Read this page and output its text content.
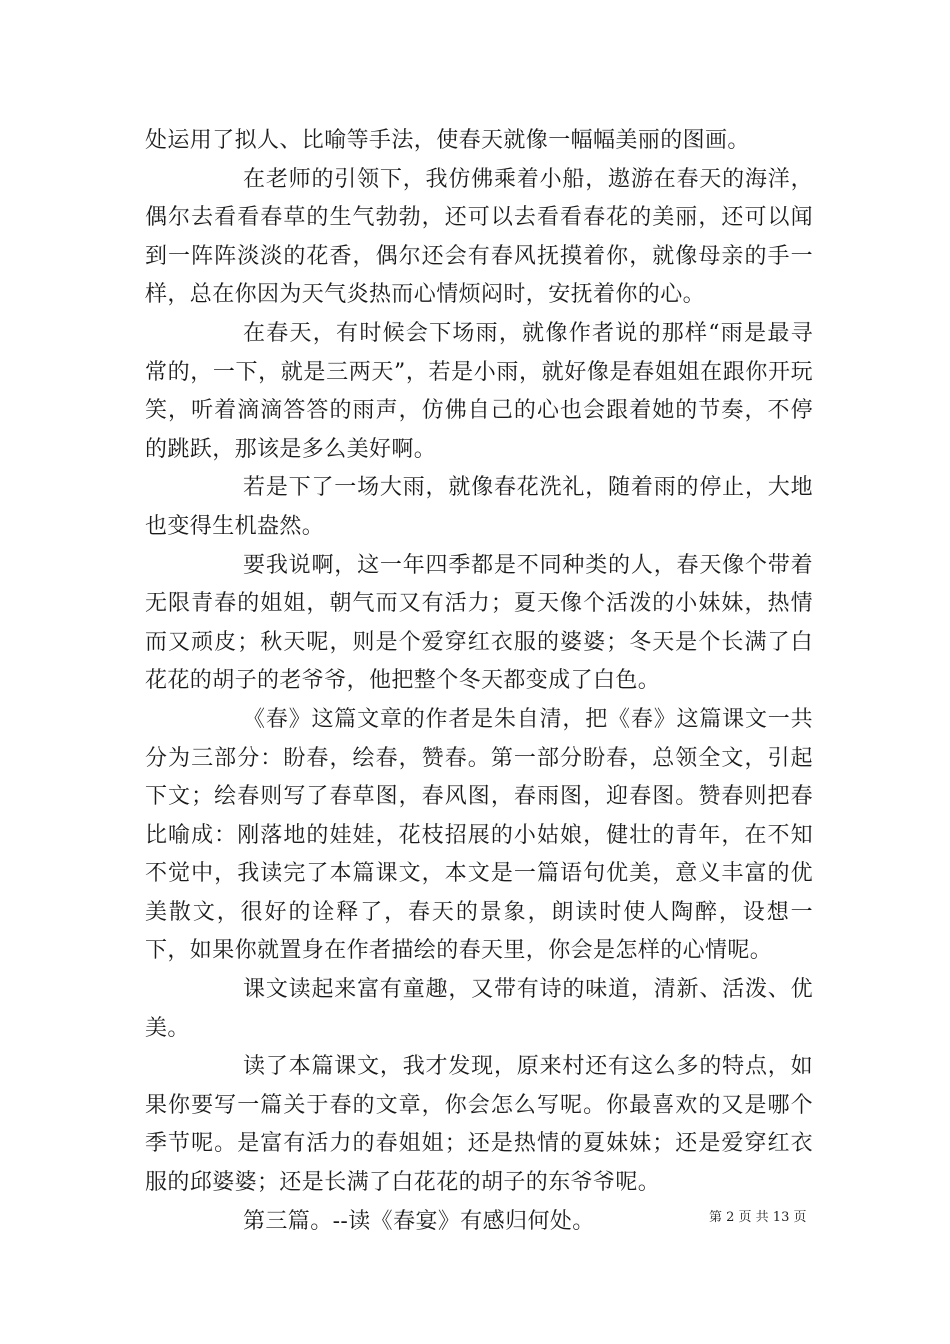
处运用了拟人、比喻等手法，使春天就像一幅幅美丽的图画。

在老师的引领下，我仿佛乘着小船，遨游在春天的海洋，偶尔去看看春草的生气勃勃，还可以去看看春花的美丽，还可以闻到一阵阵淡淡的花香，偶尔还会有春风抚摸着你，就像母亲的手一样，总在你因为天气炎热而心情烦闷时，安抚着你的心。

在春天，有时候会下场雨，就像作者说的那样“雨是最寻常的，一下，就是三两天”，若是小雨，就好像是春姐姐在跟你开玩笑，听着滴滴答答的雨声，仿佛自己的心也会跟着她的节奏，不停的跳跃，那该是多么美好啊。

若是下了一场大雨，就像春花洗礼，随着雨的停止，大地也变得生机盎然。

要我说啊，这一年四季都是不同种类的人，春天像个带着无限青春的姐姐，朝气而又有活力；夏天像个活泼的小妹妹，热情而又顽皮；秋天呢，则是个爱穿红衣服的婆婆；冬天是个长满了白花花的胡子的老爷爷，他把整个冬天都变成了白色。

《春》这篇文章的作者是朱自清，把《春》这篇课文一共分为三部分：盼春，绘春，赞春。第一部分盼春，总领全文，引起下文；绘春则写了春草图，春风图，春雨图，迎春图。赞春则把春比喻成：刚落地的娃娃，花枝招展的小姑娘，健壮的青年，在不知不觉中，我读完了本篇课文，本文是一篇语句优美，意义丰富的优美散文，很好的诠释了，春天的景象，朗读时使人陶醉，设想一下，如果你就置身在作者描绘的春天里，你会是怎样的心情呢。

课文读起来富有童趣，又带有诗的味道，清新、活泼、优美。

读了本篇课文，我才发现，原来村还有这么多的特点，如果你要写一篇关于春的文章，你会怎么写呢。你最喜欢的又是哪个季节呢。是富有活力的春姐姐；还是热情的夏妹妹；还是爱穿红衣服的邱婆婆；还是长满了白花花的胡子的东爷爷呢。

第三篇。--读《春宴》有感归何处。	第 2 页 共 13 页
